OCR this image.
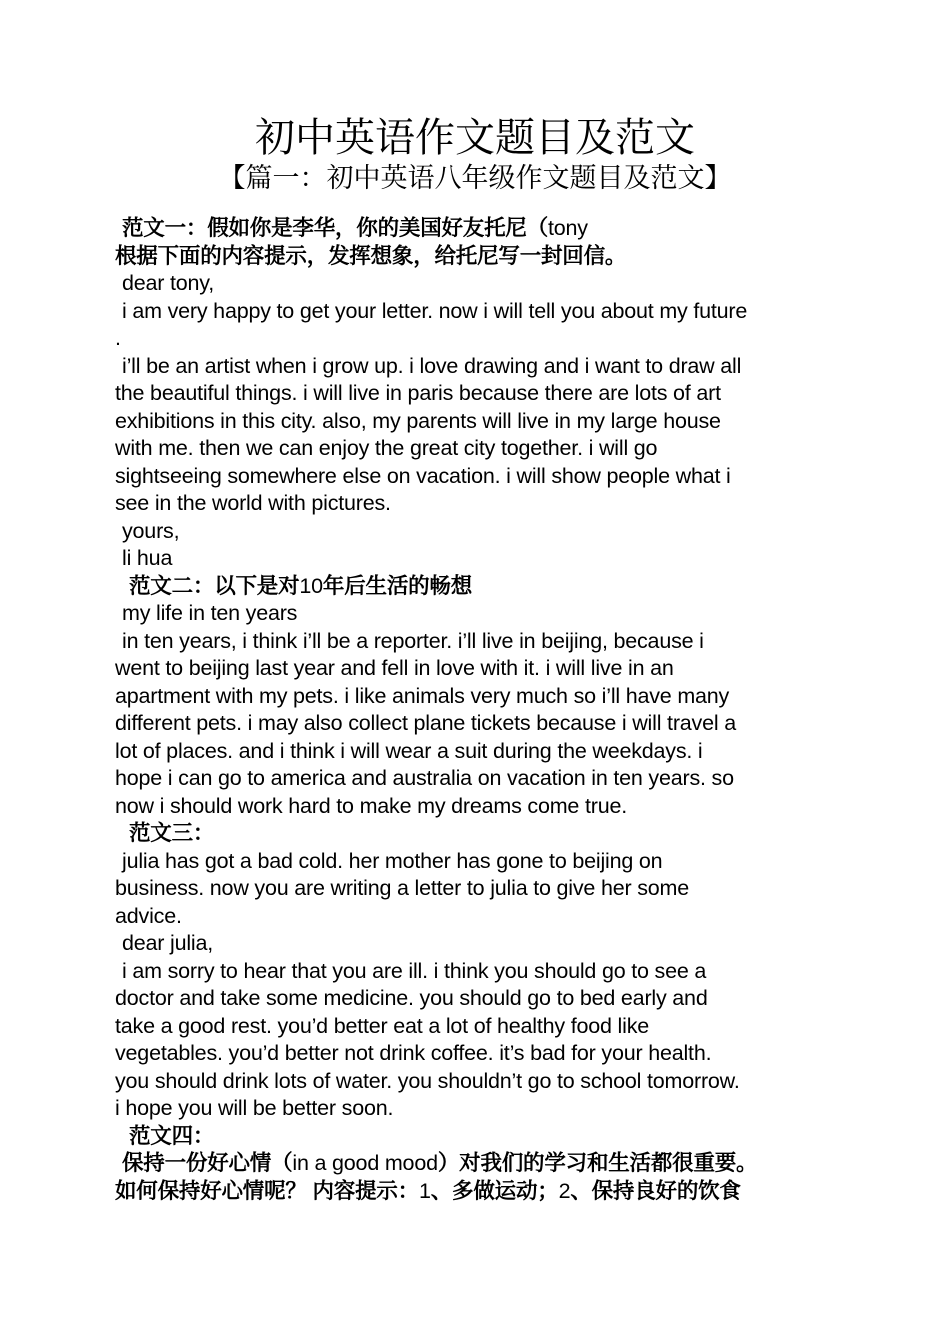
初中英语作文题目及范文
【篇一：初中英语八年级作文题目及范文】

范文一：假如你是李华，你的美国好友托尼（tony

根据下面的内容提示，发挥想象，给托尼写一封回信。

dear tony,

i am very happy to get your letter. now i will tell you about my future

.

i’ll be an artist when i grow up. i love drawing and i want to draw all

the beautiful things. i will live in paris because there are lots of art

exhibitions in this city. also, my parents will live in my large house

with me. then we can enjoy the great city together. i will go

sightseeing somewhere else on vacation. i will show people what i

see in the world with pictures.

yours,

li hua

范文二：以下是对10年后生活的畅想

my life in ten years

in ten years, i think i’ll be a reporter. i’ll live in beijing, because i

went to beijing last year and fell in love with it. i will live in an

apartment with my pets. i like animals very much so i’ll have many

different pets. i may also collect plane tickets because i will travel a

lot of places. and i think i will wear a suit during the weekdays. i

hope i can go to america and australia on vacation in ten years. so

now i should work hard to make my dreams come true.

范文三：

julia has got a bad cold. her mother has gone to beijing on

business. now you are writing a letter to julia to give her some

advice.

dear julia,

i am sorry to hear that you are ill. i think you should go to see a

doctor and take some medicine. you should go to bed early and

take a good rest. you’d better eat a lot of healthy food like

vegetables. you’d better not drink coffee. it’s bad for your health.

you should drink lots of water. you shouldn’t go to school tomorrow.

i hope you will be better soon.

范文四：

保持一份好心情（in a good mood）对我们的学习和生活都很重要。

如何保持好心情呢？ 内容提示：1、多做运动；2、保持良好的饮食
